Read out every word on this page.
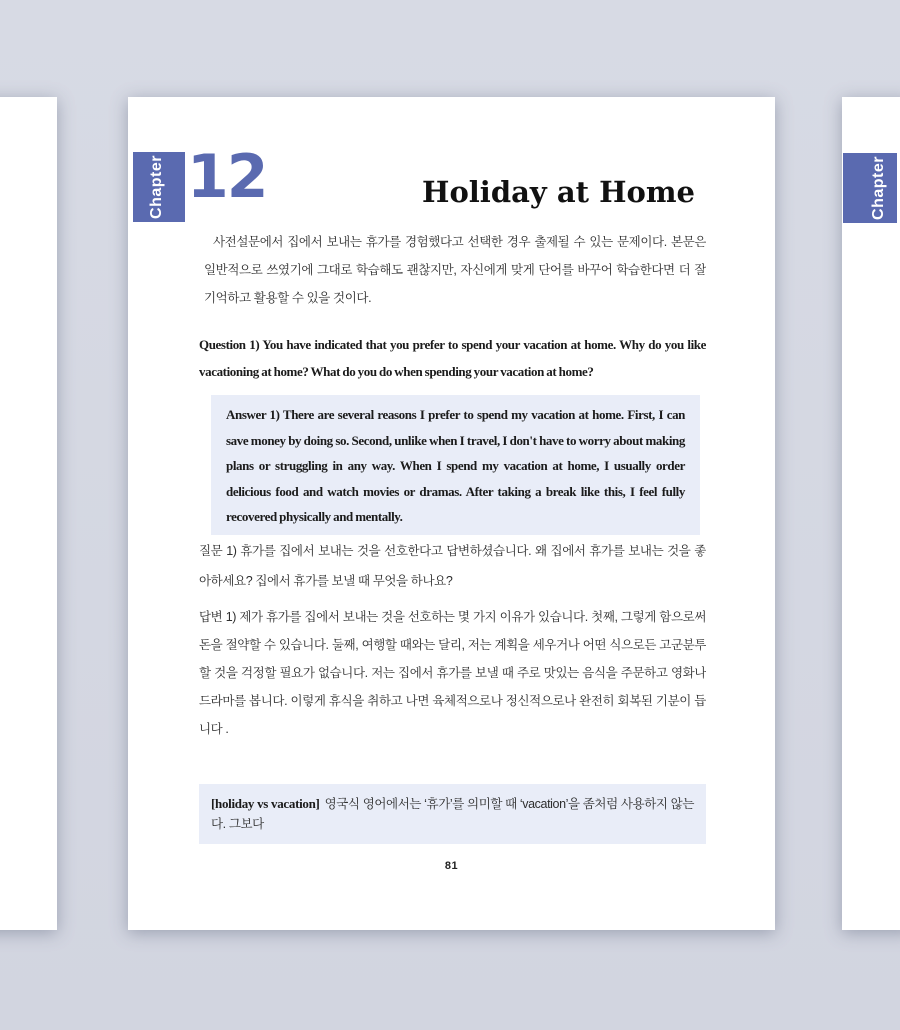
Chapter 12	Holiday at Home

사전설문에서 집에서 보내는 휴가를 경험했다고 선택한 경우 출제될 수 있는 문제이다. 본문은 일반적으로 쓰였기에 그대로 학습해도 괜찮지만, 자신에게 맞게 단어를 바꾸어 학습한다면 더 잘 기억하고 활용할 수 있을 것이다.

Question 1) You have indicated that you prefer to spend your vacation at home. Why do you like vacationing at home? What do you do when spending your vacation at home?

Answer 1) There are several reasons I prefer to spend my vacation at home. First, I can save money by doing so. Second, unlike when I travel, I don't have to worry about making plans or struggling in any way. When I spend my vacation at home, I usually order delicious food and watch movies or dramas. After taking a break like this, I feel fully recovered physically and mentally.

질문 1) 휴가를 집에서 보내는 것을 선호한다고 답변하셨습니다. 왜 집에서 휴가를 보내는 것을 좋아하세요? 집에서 휴가를 보낼 때 무엇을 하나요?

답변 1) 제가 휴가를 집에서 보내는 것을 선호하는 몇 가지 이유가 있습니다. 첫째, 그렇게 함으로써 돈을 절약할 수 있습니다. 둘째, 여행할 때와는 달리, 저는 계획을 세우거나 어떤 식으로든 고군분투할 것을 걱정할 필요가 없습니다. 저는 집에서 휴가를 보낼 때 주로 맛있는 음식을 주문하고 영화나 드라마를 봅니다. 이렇게 휴식을 취하고 나면 육체적으로나 정신적으로나 완전히 회복된 기분이 듭니다 .

[holiday vs vacation] 영국식 영어에서는 ‘휴가’를 의미할 때 ‘vacation’을 좀처럼 사용하지 않는다. 그보다
81
Chapter
